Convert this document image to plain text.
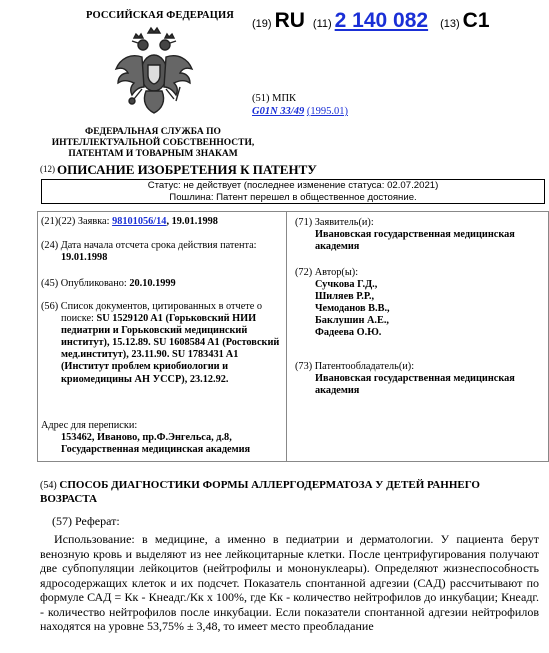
РОССИЙСКАЯ ФЕДЕРАЦИЯ
ФЕДЕРАЛЬНАЯ СЛУЖБА ПО ИНТЕЛЛЕКТУАЛЬНОЙ СОБСТВЕННОСТИ, ПАТЕНТАМ И ТОВАРНЫМ ЗНАКАМ
(19) RU (11) 2 140 082 (13) C1
(51) МПК
G01N 33/49 (1995.01)
(12) ОПИСАНИЕ ИЗОБРЕТЕНИЯ К ПАТЕНТУ
Статус: не действует (последнее изменение статуса: 02.07.2021)
Пошлина: Патент перешел в общественное достояние.
(21)(22) Заявка: 98101056/14, 19.01.1998
(24) Дата начала отсчета срока действия патента:
19.01.1998
(45) Опубликовано: 20.10.1999
(56) Список документов, цитированных в отчете о поиске: SU 1529120 A1 (Горьковский НИИ педиатрии и Горьковский медицинский институт), 15.12.89. SU 1608584 A1 (Ростовский мед.институт), 23.11.90. SU 1783431 A1 (Институт проблем криобиологии и криомедицины АН УССР), 23.12.92.
Адрес для переписки:
153462, Иваново, пр.Ф.Энгельса, д.8, Государственная медицинская академия
(71) Заявитель(и):
Ивановская государственная медицинская академия
(72) Автор(ы):
Сучкова Г.Д.,
Шиляев Р.Р.,
Чемоданов В.В.,
Баклушин А.Е.,
Фадеева О.Ю.
(73) Патентообладатель(и):
Ивановская государственная медицинская академия
(54) СПОСОБ ДИАГНОСТИКИ ФОРМЫ АЛЛЕРГОДЕРМАТОЗА У ДЕТЕЙ РАННЕГО ВОЗРАСТА
(57) Реферат:
Использование: в медицине, а именно в педиатрии и дерматологии. У пациента берут венозную кровь и выделяют из нее лейкоцитарные клетки. После центрифугирования получают две субпопуляции лейкоцитов (нейтрофилы и мононуклеары). Определяют жизнеспособность ядросодержащих клеток и их подсчет. Показатель спонтанной адгезии (САД) рассчитывают по формуле САД = Кк - Кнеадг./Кк х 100%, где Кк - количество нейтрофилов до инкубации; Кнеадг. - количество нейтрофилов после инкубации. Если показатели спонтанной адгезии нейтрофилов находятся на уровне 53,75% ± 3,48, то имеет место преобладание
